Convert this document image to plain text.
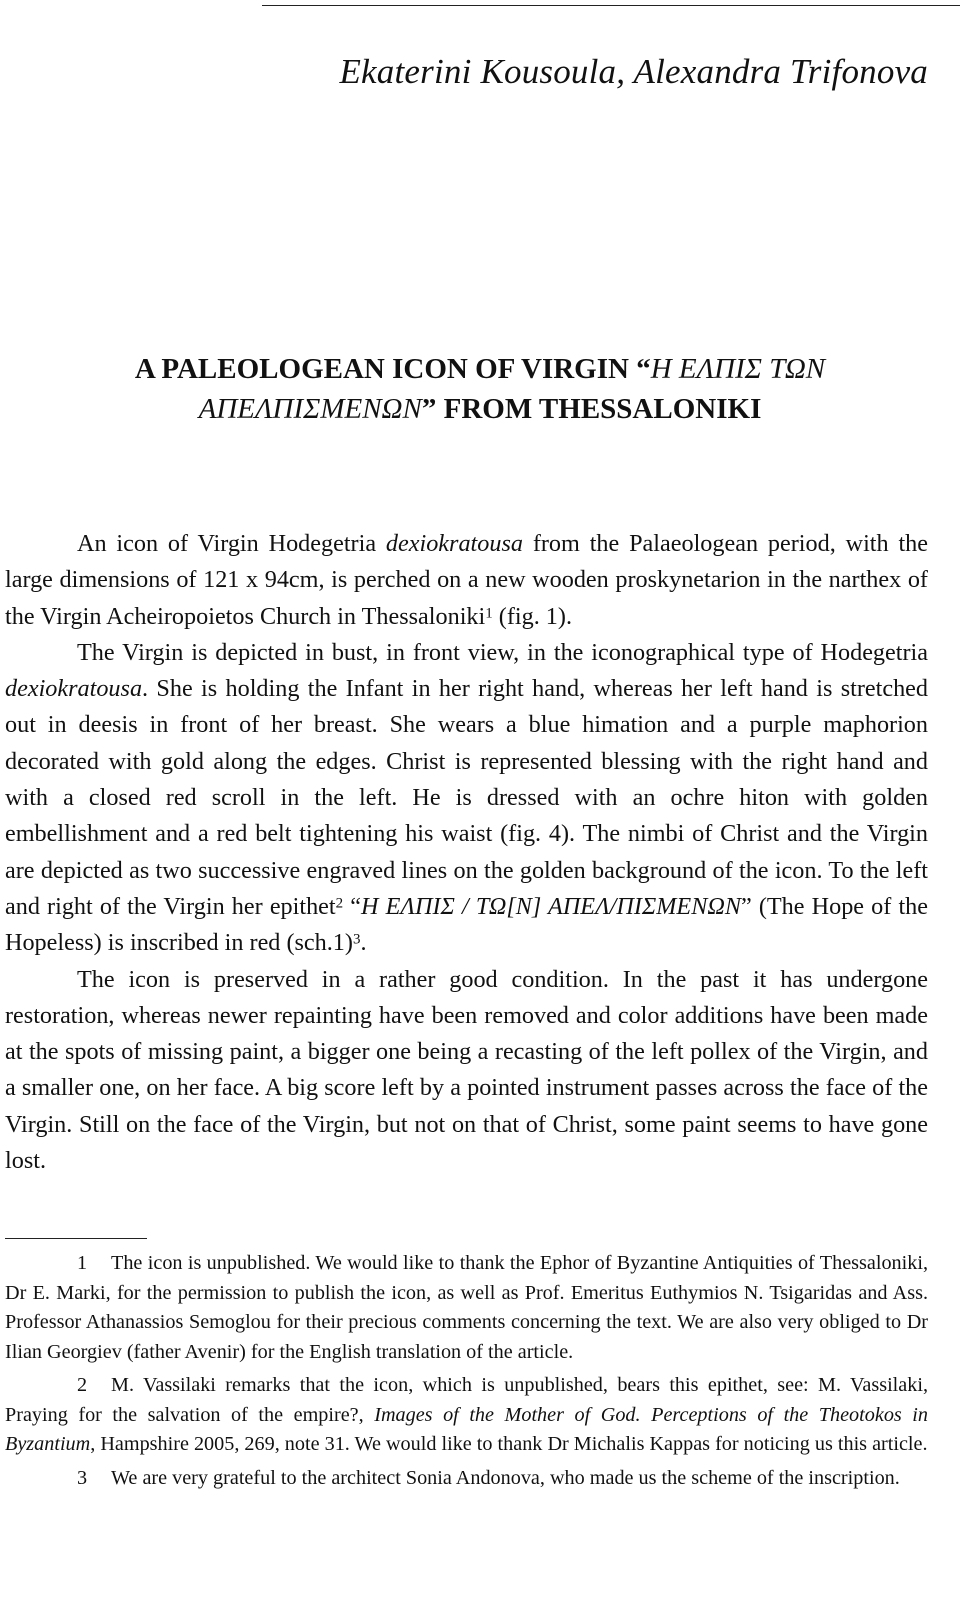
Ekaterini Kousoula, Alexandra Trifonova
A PALEOLOGEAN ICON OF VIRGIN “Η ΕΛΠΙΣ ΤΩΝ
ΑΠΕΛΠΙΣΜΕΝΩΝ” FROM THESSALONIKI

An icon of Virgin Hodegetria dexiokratousa from the Palaeologean period, with the large dimensions of 121 x 94cm, is perched on a new wooden proskynetarion in the narthex of the Virgin Acheiropoietos Church in Thessaloniki$^1$ (fig. 1).

The Virgin is depicted in bust, in front view, in the iconographical type of Hodegetria dexiokratousa. She is holding the Infant in her right hand, whereas her left hand is stretched out in deesis in front of her breast. She wears a blue himation and a purple maphorion decorated with gold along the edges. Christ is represented blessing with the right hand and with a closed red scroll in the left. He is dressed with an ochre hiton with golden embellishment and a red belt tightening his waist (fig. 4). The nimbi of Christ and the Virgin are depicted as two successive engraved lines on the golden background of the icon. To the left and right of the Virgin her epithet$^2$ “Η ΕΛΠΙΣ / ΤΩ[Ν] ΑΠΕΛ/ΠΙΣΜΕΝΩΝ” (The Hope of the Hopeless) is inscribed in red $(sch.1)^3$.

The icon is preserved in a rather good condition. In the past it has undergone restoration, whereas newer repainting have been removed and color additions have been made at the spots of missing paint, a bigger one being a recasting of the left pollex of the Virgin, and a smaller one, on her face. A big score left by a pointed instrument passes across the face of the Virgin. Still on the face of the Virgin, but not on that of Christ, some paint seems to have gone lost.

1 The icon is unpublished. We would like to thank the Ephor of Byzantine Antiquities of Thessaloniki, Dr E. Marki, for the permission to publish the icon, as well as Prof. Emeritus Euthymios N. Tsigaridas and Ass. Professor Athanassios Semoglou for their precious comments concerning the text. We are also very obliged to Dr Ilian Georgiev (father Avenir) for the English translation of the article.

2 M. Vassilaki remarks that the icon, which is unpublished, bears this epithet, see: M. Vassilaki, Praying for the salvation of the empire?, Images of the Mother of God. Perceptions of the Theotokos in Byzantium, Hampshire 2005, 269, note 31. We would like to thank Dr Michalis Kappas for noticing us this article.

3 We are very grateful to the architect Sonia Andonova, who made us the scheme of the inscription.
